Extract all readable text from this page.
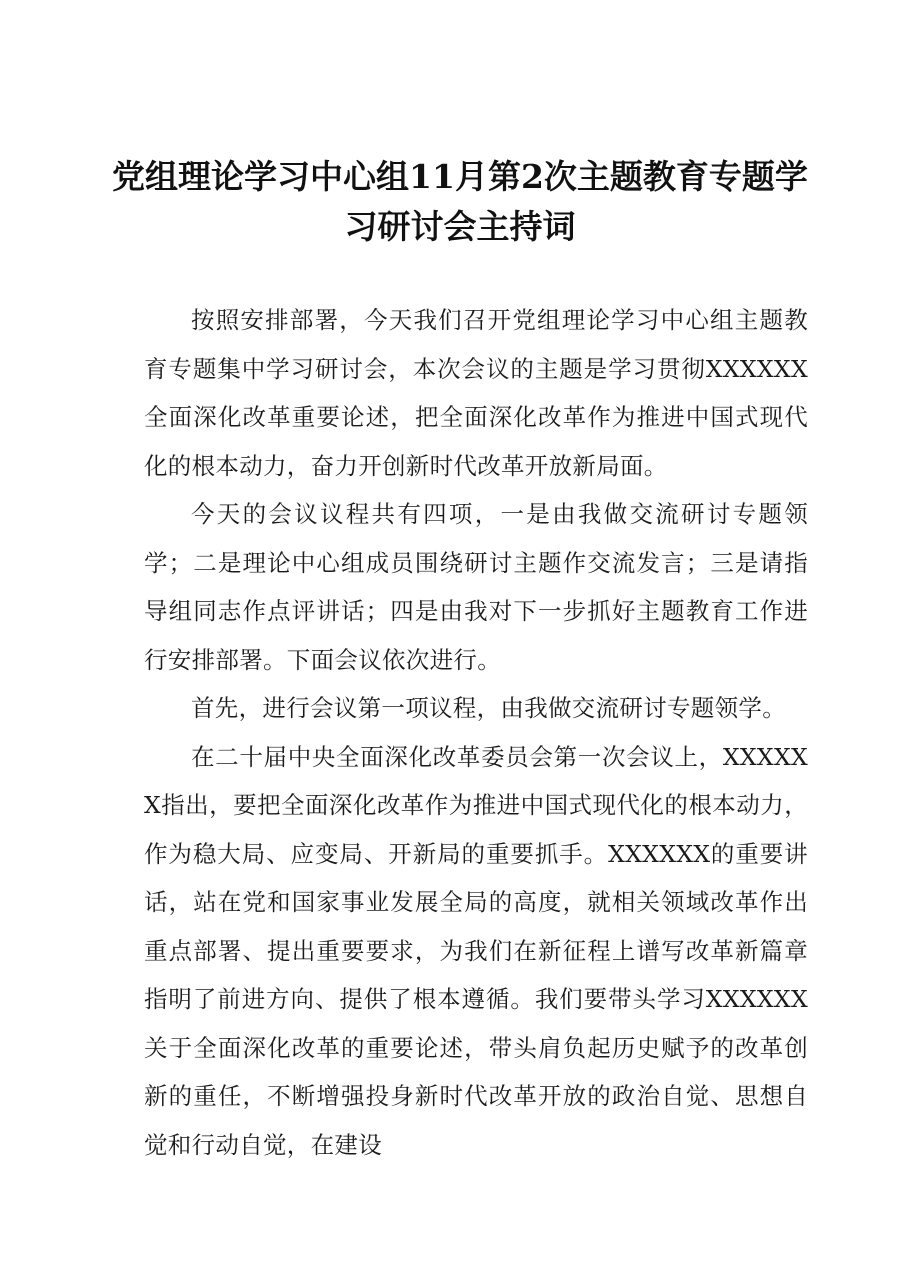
党组理论学习中心组11月第2次主题教育专题学
习研讨会主持词

按照安排部署，今天我们召开党组理论学习中心组主题教育专题集中学习研讨会，本次会议的主题是学习贯彻XXXXXX全面深化改革重要论述，把全面深化改革作为推进中国式现代化的根本动力，奋力开创新时代改革开放新局面。

今天的会议议程共有四项，一是由我做交流研讨专题领学；二是理论中心组成员围绕研讨主题作交流发言；三是请指导组同志作点评讲话；四是由我对下一步抓好主题教育工作进行安排部署。下面会议依次进行。

首先，进行会议第一项议程，由我做交流研讨专题领学。

在二十届中央全面深化改革委员会第一次会议上，XXXXXX指出，要把全面深化改革作为推进中国式现代化的根本动力，作为稳大局、应变局、开新局的重要抓手。XXXXXX的重要讲话，站在党和国家事业发展全局的高度，就相关领域改革作出重点部署、提出重要要求，为我们在新征程上谱写改革新篇章指明了前进方向、提供了根本遵循。我们要带头学习XXXXXX关于全面深化改革的重要论述，带头肩负起历史赋予的改革创新的重任，不断增强投身新时代改革开放的政治自觉、思想自觉和行动自觉，在建设
